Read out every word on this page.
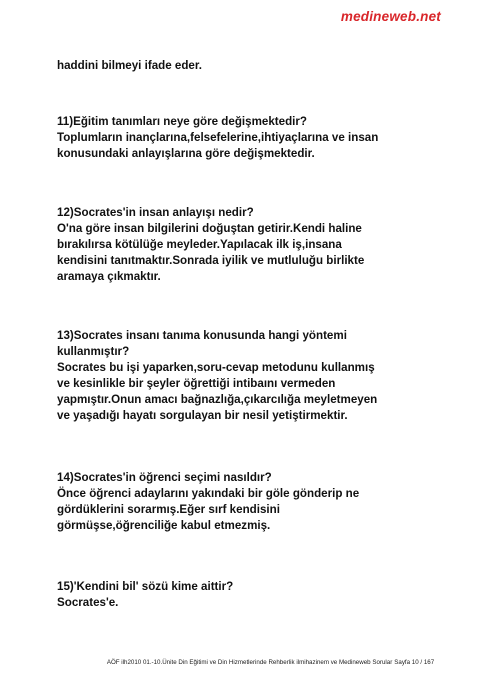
medineweb.net
haddini bilmeyi ifade eder.
11)Eğitim tanımları neye göre değişmektedir?
Toplumların inançlarına,felsefelerine,ihtiyaçlarına ve insan
konusundaki anlayışlarına göre değişmektedir.
12)Socrates'in insan anlayışı nedir?
O'na göre insan bilgilerini doğuştan getirir.Kendi haline
bırakılırsa kötülüğe meyleder.Yapılacak ilk iş,insana
kendisini tanıtmaktır.Sonrada iyilik ve mutluluğu birlikte
aramaya çıkmaktır.
13)Socrates insanı tanıma konusunda hangi yöntemi
kullanmıştır?
Socrates bu işi yaparken,soru-cevap metodunu kullanmış
ve kesinlikle bir şeyler öğrettiği intibaını vermeden
yapmıştır.Onun amacı bağnazlığa,çıkarcılığa meyletmeyen
ve yaşadığı hayatı sorgulayan bir nesil yetiştirmektir.
14)Socrates'in öğrenci seçimi nasıldır?
Önce öğrenci adaylarını yakındaki bir göle gönderip ne
gördüklerini sorarmış.Eğer sırf kendisini
görmüşse,öğrenciliğe kabul etmezmiş.
15)'Kendini bil' sözü kime aittir?
Socrates'e.
AÖF ilh2010 01.-10.Ünite Din Eğitimi ve Din Hizmetlerinde Rehberlik ilmihazinem ve Medineweb Sorular Sayfa 10 / 167
